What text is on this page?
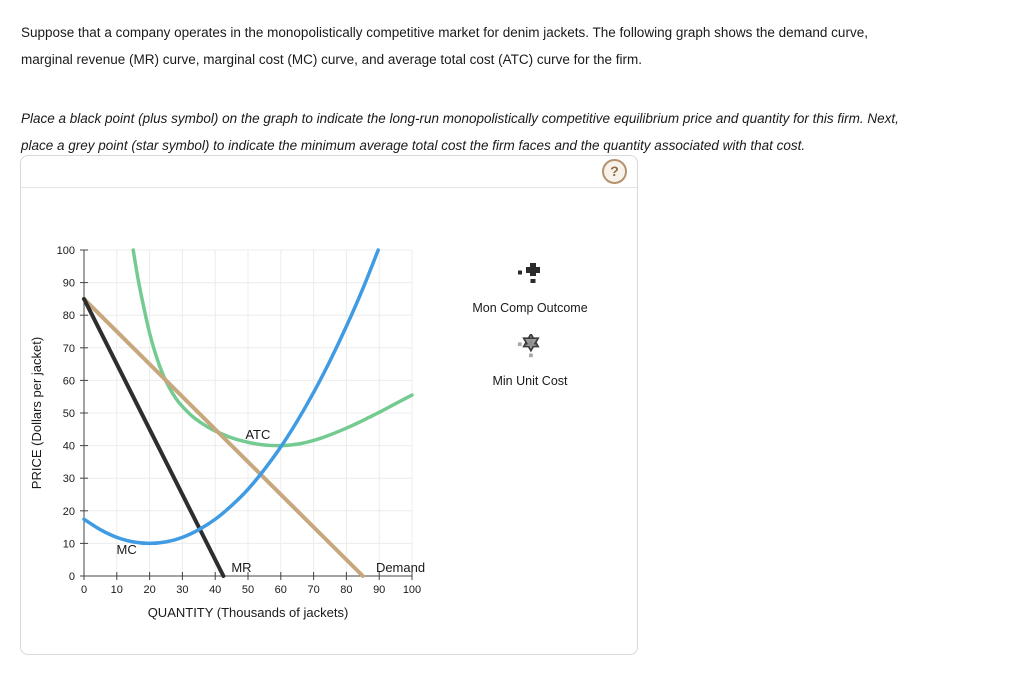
Suppose that a company operates in the monopolistically competitive market for denim jackets. The following graph shows the demand curve,
marginal revenue (MR) curve, marginal cost (MC) curve, and average total cost (ATC) curve for the firm.

Place a black point (plus symbol) on the graph to indicate the long-run monopolistically competitive equilibrium price and quantity for this firm. Next,
place a grey point (star symbol) to indicate the minimum average total cost the firm faces and the quantity associated with that cost.

?
0 10 20 30 40 50 60 70 80 90 100
0
10
20
30
40
50
60
70
80
90
100
ATC
Demand
MR
MC
QUANTITY (Thousands of jackets)
PRICE (Dollars per jacket)
Mon Comp Outcome
Min Unit Cost
